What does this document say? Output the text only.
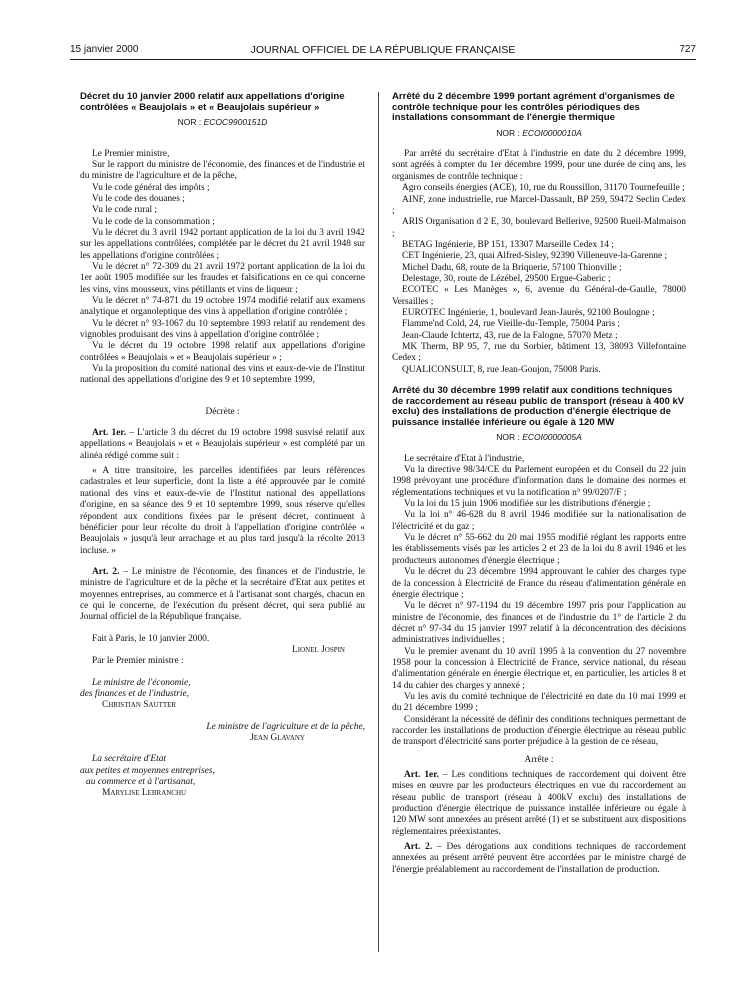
15 janvier 2000	JOURNAL OFFICIEL DE LA RÉPUBLIQUE FRANÇAISE	727
Décret du 10 janvier 2000 relatif aux appellations d'origine contrôlées « Beaujolais » et « Beaujolais supérieur »
NOR : ECOC9900151D

Le Premier ministre,

Sur le rapport du ministre de l'économie, des finances et de l'industrie et du ministre de l'agriculture et de la pêche,

Vu le code général des impôts ;

Vu le code des douanes ;

Vu le code rural ;

Vu le code de la consommation ;

Vu le décret du 3 avril 1942 portant application de la loi du 3 avril 1942 sur les appellations contrôlées, complétée par le décret du 21 avril 1948 sur les appellations d'origine contrôlées ;

Vu le décret n° 72-309 du 21 avril 1972 portant application de la loi du 1er août 1905 modifiée sur les fraudes et falsifications en ce qui concerne les vins, vins mousseux, vins pétillants et vins de liqueur ;

Vu le décret n° 74-871 du 19 octobre 1974 modifié relatif aux examens analytique et organoleptique des vins à appellation d'origine contrôlée ;

Vu le décret n° 93-1067 du 10 septembre 1993 relatif au rendement des vignobles produisant des vins à appellation d'origine contrôlée ;

Vu le décret du 19 octobre 1998 relatif aux appellations d'origine contrôlées « Beaujolais » et « Beaujolais supérieur » ;

Vu la proposition du comité national des vins et eaux-de-vie de l'Institut national des appellations d'origine des 9 et 10 septembre 1999,

Décrète :

Art. 1er. – L'article 3 du décret du 19 octobre 1998 susvisé relatif aux appellations « Beaujolais » et « Beaujolais supérieur » est complété par un alinéa rédigé comme suit :

« A titre transitoire, les parcelles identifiées par leurs références cadastrales et leur superficie, dont la liste a été approuvée par le comité national des vins et eaux-de-vie de l'Institut national des appellations d'origine, en sa séance des 9 et 10 septembre 1999, sous réserve qu'elles répondent aux conditions fixées par le présent décret, continuent à bénéficier pour leur récolte du droit à l'appellation d'origine contrôlée « Beaujolais » jusqu'à leur arrachage et au plus tard jusqu'à la récolte 2013 incluse. »

Art. 2. – Le ministre de l'économie, des finances et de l'industrie, le ministre de l'agriculture et de la pêche et la secrétaire d'Etat aux petites et moyennes entreprises, au commerce et à l'artisanat sont chargés, chacun en ce qui le concerne, de l'exécution du présent décret, qui sera publié au Journal officiel de la République française.

Fait à Paris, le 10 janvier 2000.

Lionel Jospin

Par le Premier ministre :

Le ministre de l'économie,

des finances et de l'industrie,

Christian Sautter

Le ministre de l'agriculture et de la pêche,

Jean Glavany

La secrétaire d'Etat

aux petites et moyennes entreprises,

au commerce et à l'artisanat,

Marylise Lebranchu

Arrêté du 2 décembre 1999 portant agrément d'organismes de contrôle technique pour les contrôles périodiques des installations consommant de l'énergie thermique
NOR : ECOI0000010A

Par arrêté du secrétaire d'Etat à l'industrie en date du 2 décembre 1999, sont agréés à compter du 1er décembre 1999, pour une durée de cinq ans, les organismes de contrôle technique :

Agro conseils énergies (ACE), 10, rue du Roussillon, 31170 Tournefeuille ;

AINF, zone industrielle, rue Marcel-Dassault, BP 259, 59472 Seclin Cedex ;

ARIS Organisation d 2 E, 30, boulevard Bellerive, 92500 Rueil-Malmaison ;

BETAG Ingénierie, BP 151, 13307 Marseille Cedex 14 ;

CET Ingénierie, 23, quai Alfred-Sisley, 92390 Villeneuve-la-Garenne ;

Michel Dadu, 68, route de la Briquerie, 57100 Thionville ;

Delestage, 30, route de Lézébel, 29500 Ergue-Gaberic ;

ECOTEC « Les Manèges », 6, avenue du Général-de-Gaulle, 78000 Versailles ;

EUROTEC Ingénierie, 1, boulevard Jean-Jaurès, 92100 Boulogne ;

Flamme'nd Cold, 24, rue Vieille-du-Temple, 75004 Paris ;

Jean-Claude Ichtertz, 43, rue de la Falogne, 57070 Metz ;

MK Therm, BP 95, 7, rue du Sorbier, bâtiment 13, 38093 Villefontaine Cedex ;

QUALICONSULT, 8, rue Jean-Goujon, 75008 Paris.

Arrêté du 30 décembre 1999 relatif aux conditions techniques de raccordement au réseau public de transport (réseau à 400 kV exclu) des installations de production d'énergie électrique de puissance installée inférieure ou égale à 120 MW
NOR : ECOI0000005A

Le secrétaire d'Etat à l'industrie,

Vu la directive 98/34/CE du Parlement européen et du Conseil du 22 juin 1998 prévoyant une procédure d'information dans le domaine des normes et réglementations techniques et vu la notification n° 99/0207/F ;

Vu la loi du 15 juin 1906 modifiée sur les distributions d'énergie ;

Vu la loi n° 46-628 du 8 avril 1946 modifiée sur la nationalisation de l'électricité et du gaz ;

Vu le décret n° 55-662 du 20 mai 1955 modifié réglant les rapports entre les établissements visés par les articles 2 et 23 de la loi du 8 avril 1946 et les producteurs autonomes d'énergie électrique ;

Vu le décret du 23 décembre 1994 approuvant le cahier des charges type de la concession à Electricité de France du réseau d'alimentation générale en énergie électrique ;

Vu le décret n° 97-1194 du 19 décembre 1997 pris pour l'application au ministre de l'économie, des finances et de l'industrie du 1° de l'article 2 du décret n° 97-34 du 15 janvier 1997 relatif à la déconcentration des décisions administratives individuelles ;

Vu le premier avenant du 10 avril 1995 à la convention du 27 novembre 1958 pour la concession à Electricité de France, service national, du réseau d'alimentation générale en énergie électrique et, en particulier, les articles 8 et 14 du cahier des charges y annexé ;

Vu les avis du comité technique de l'électricité en date du 10 mai 1999 et du 21 décembre 1999 ;

Considérant la nécessité de définir des conditions techniques permettant de raccorder les installations de production d'énergie électrique au réseau public de transport d'électricité sans porter préjudice à la gestion de ce réseau,

Arrête :

Art. 1er. – Les conditions techniques de raccordement qui doivent être mises en œuvre par les producteurs électriques en vue du raccordement au réseau public de transport (réseau à 400kV exclu) des installations de production d'énergie électrique de puissance installée inférieure ou égale à 120 MW sont annexées au présent arrêté (1) et se substituent aux dispositions réglementaires préexistantes.

Art. 2. – Des dérogations aux conditions techniques de raccordement annexées au présent arrêté peuvent être accordées par le ministre chargé de l'énergie préalablement au raccordement de l'installation de production.
